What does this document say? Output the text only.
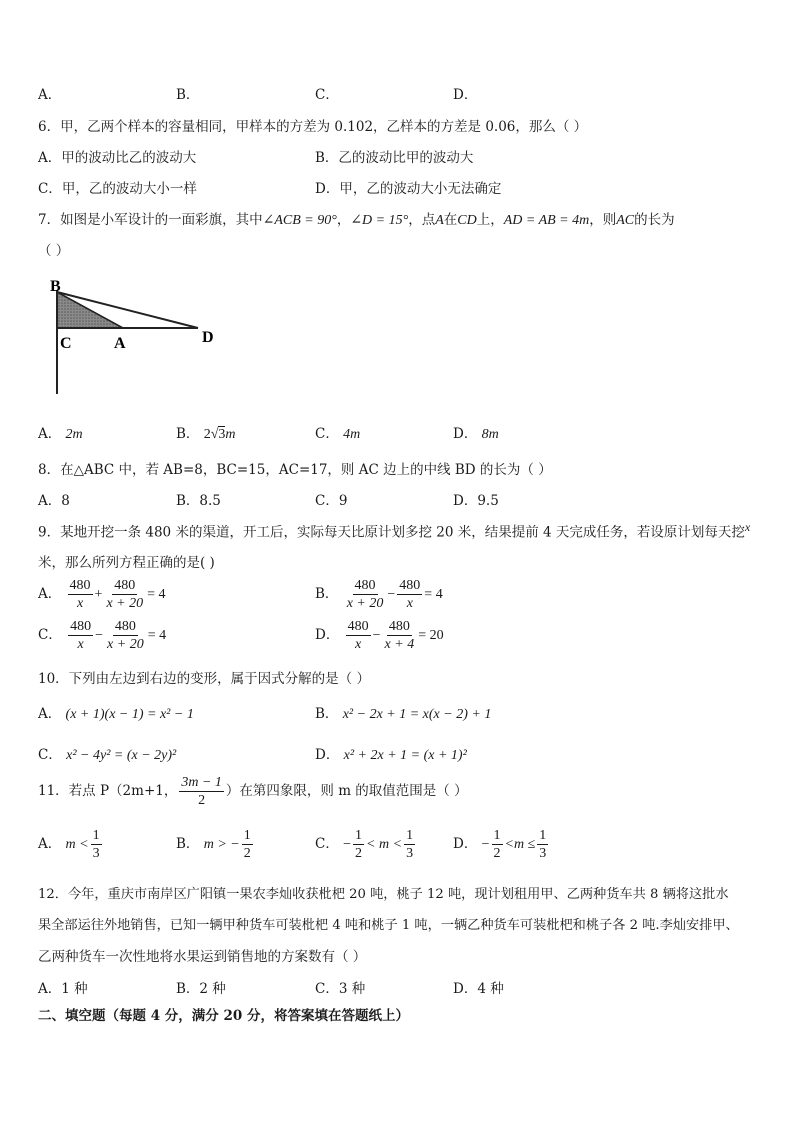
A．	B．	C．	D．
6．甲，乙两个样本的容量相同，甲样本的方差为 0.102，乙样本的方差是 0.06，那么（ ）
A．甲的波动比乙的波动大	B．乙的波动比甲的波动大
C．甲，乙的波动大小一样	D．甲，乙的波动大小无法确定
7．如图是小军设计的一面彩旗，其中∠ACB = 90°，∠D = 15°，点A在CD上，AD = AB = 4m，则AC的长为
（ ）
B
C	A	D
A． 2m	B． 2√3m	C． 4m	D． 8m
8．在△ABC 中，若 AB=8，BC=15，AC=17，则 AC 边上的中线 BD 的长为（ ）
A．8	B．8.5	C．9	D．9.5
9．某地开挖一条 480 米的渠道，开工后，实际每天比原计划多挖 20 米，结果提前 4 天完成任务，若设原计划每天挖x
米，那么所列方程正确的是( )
A． $\frac{480}{x} + \frac{480}{x + 20} = 4$	B． $\frac{480}{x + 20} - \frac{480}{x} = 4$
C． $\frac{480}{x} - \frac{480}{x + 20} = 4$	D． $\frac{480}{x} - \frac{480}{x + 4} = 20$
10．下列由左边到右边的变形，属于因式分解的是（ ）
A． (x + 1)(x − 1) = x² − 1	B． x² − 2x + 1 = x(x − 2) + 1
C． x² − 4y² = (x − 2y)²	D． x² + 2x + 1 = (x + 1)²
11．若点 P（2m+1， $\frac{3m - 1}{2}$ ）在第四象限，则 m 的取值范围是（ ）
A． $m < \frac{1}{3}$	B． m > − $\frac{1}{2}$	C． − $\frac{1}{2} < m < \frac{1}{3}$	D． − $\frac{1}{2} <m \le \frac{1}{3}$
12．今年，重庆市南岸区广阳镇一果农李灿收获枇杷 20 吨，桃子 12 吨，现计划租用甲、乙两种货车共 8 辆将这批水
果全部运往外地销售，已知一辆甲种货车可装枇杷 4 吨和桃子 1 吨，一辆乙种货车可装枇杷和桃子各 2 吨.李灿安排甲、
乙两种货车一次性地将水果运到销售地的方案数有（ ）
A．1 种	B．2 种	C．3 种	D．4 种
二、填空题（每题 4 分，满分 20 分，将答案填在答题纸上）
